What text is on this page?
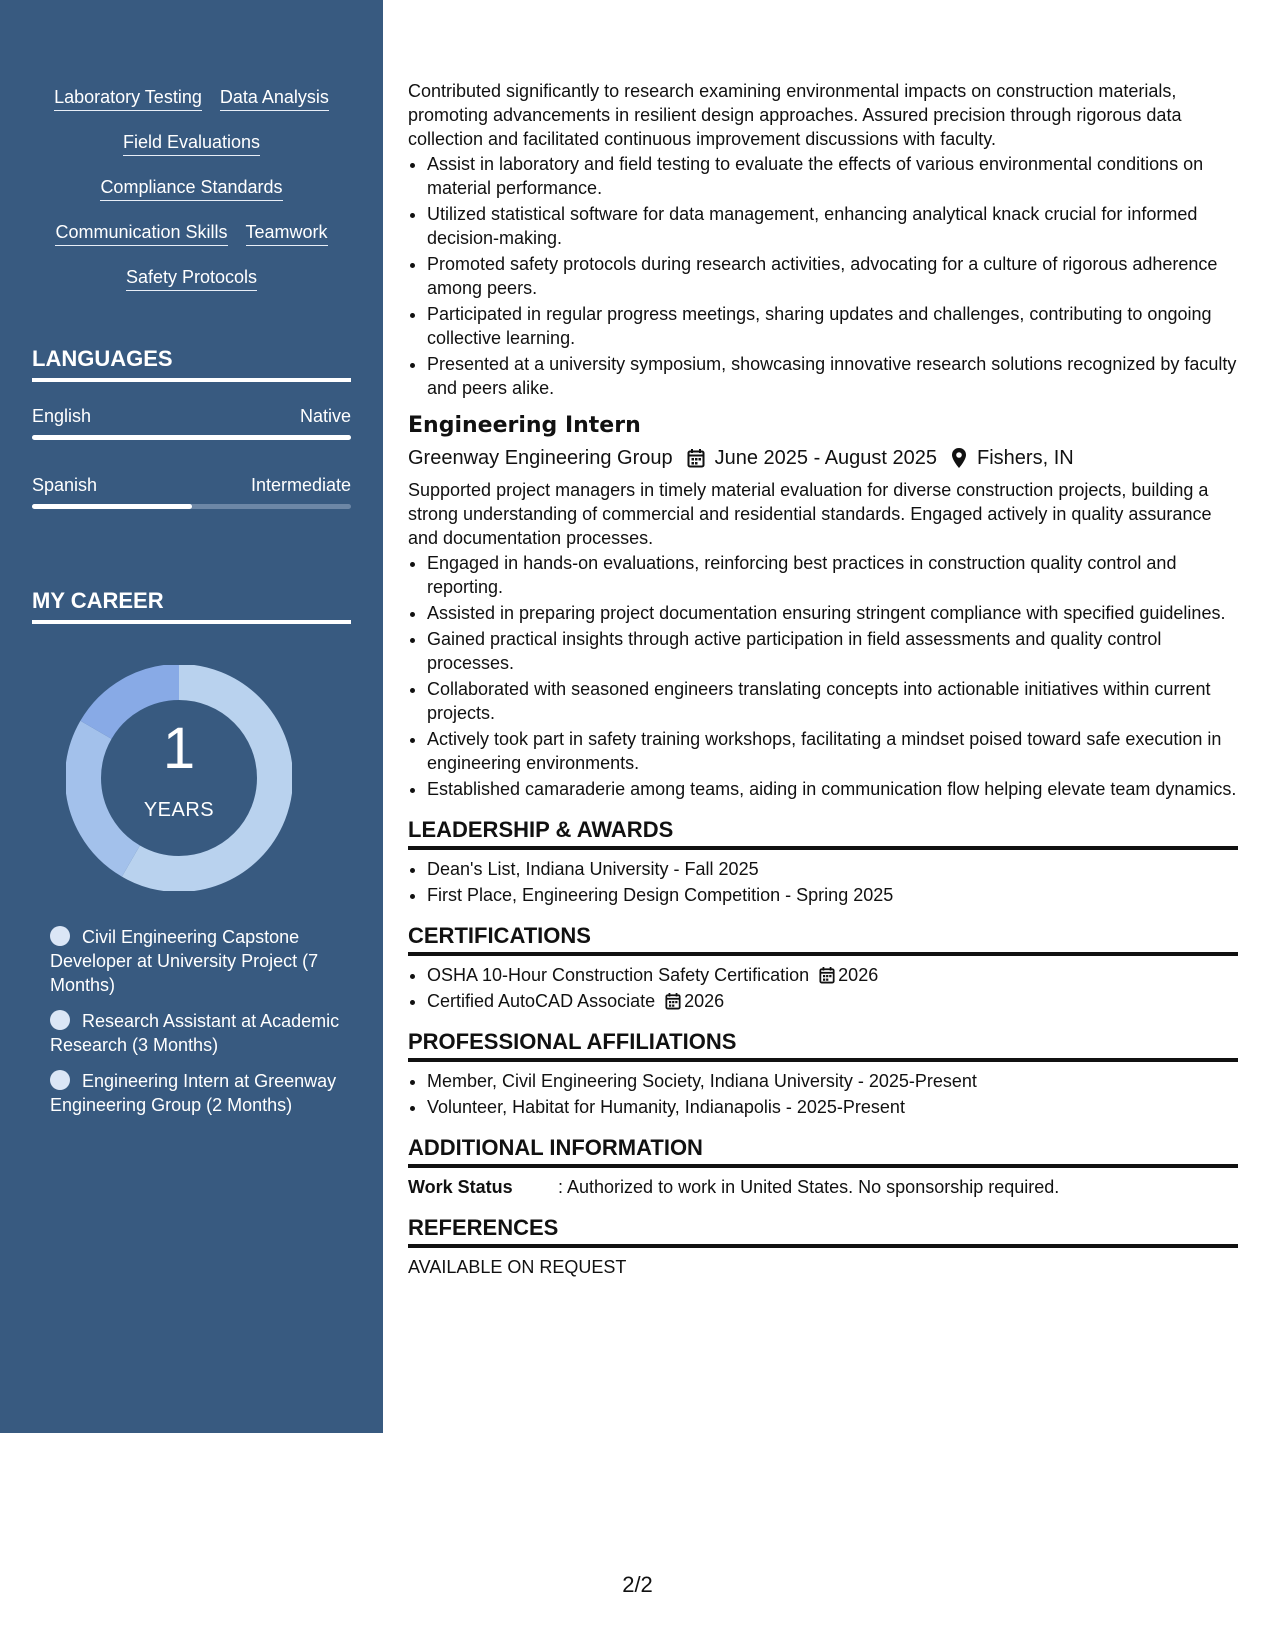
Laboratory Testing Data Analysis
Field Evaluations
Compliance Standards
Communication Skills Teamwork
Safety Protocols
LANGUAGES
English	Native
Spanish	Intermediate
MY CAREER
1
YEARS
Civil Engineering Capstone Developer at University Project (7 Months)
Research Assistant at Academic Research (3 Months)
Engineering Intern at Greenway Engineering Group (2 Months)

Contributed significantly to research examining environmental impacts on construction materials, promoting advancements in resilient design approaches. Assured precision through rigorous data collection and facilitated continuous improvement discussions with faculty.

• Assist in laboratory and field testing to evaluate the effects of various environmental conditions on material performance.
• Utilized statistical software for data management, enhancing analytical knack crucial for informed decision-making.
• Promoted safety protocols during research activities, advocating for a culture of rigorous adherence among peers.
• Participated in regular progress meetings, sharing updates and challenges, contributing to ongoing collective learning.
• Presented at a university symposium, showcasing innovative research solutions recognized by faculty and peers alike.
Engineering Intern
Greenway Engineering Group June 2025 - August 2025 Fishers, IN

Supported project managers in timely material evaluation for diverse construction projects, building a strong understanding of commercial and residential standards. Engaged actively in quality assurance and documentation processes.

• Engaged in hands-on evaluations, reinforcing best practices in construction quality control and reporting.
• Assisted in preparing project documentation ensuring stringent compliance with specified guidelines.
• Gained practical insights through active participation in field assessments and quality control processes.
• Collaborated with seasoned engineers translating concepts into actionable initiatives within current projects.
• Actively took part in safety training workshops, facilitating a mindset poised toward safe execution in engineering environments.
• Established camaraderie among teams, aiding in communication flow helping elevate team dynamics.
LEADERSHIP & AWARDS
• Dean's List, Indiana University - Fall 2025
• First Place, Engineering Design Competition - Spring 2025
CERTIFICATIONS
• OSHA 10-Hour Construction Safety Certification 2026
• Certified AutoCAD Associate 2026
PROFESSIONAL AFFILIATIONS
• Member, Civil Engineering Society, Indiana University - 2025-Present
• Volunteer, Habitat for Humanity, Indianapolis - 2025-Present
ADDITIONAL INFORMATION
Work Status	: Authorized to work in United States. No sponsorship required.
REFERENCES
AVAILABLE ON REQUEST
2/2
